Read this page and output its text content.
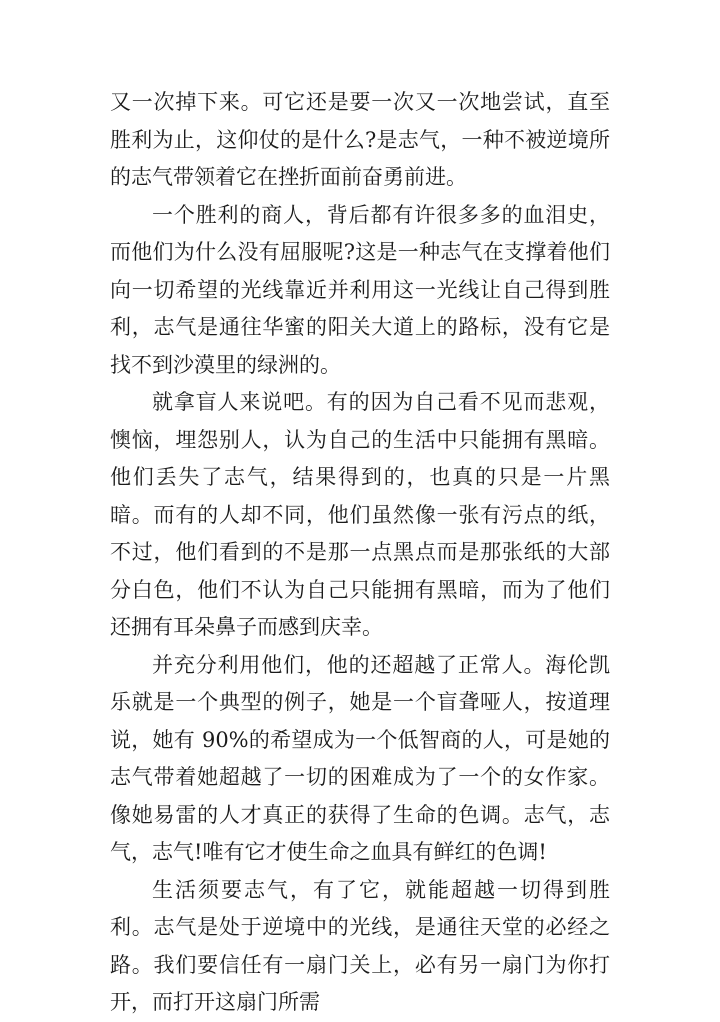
又一次掉下来。可它还是要一次又一次地尝试，直至胜利为止，这仰仗的是什么?是志气，一种不被逆境所的志气带领着它在挫折面前奋勇前进。

一个胜利的商人，背后都有许很多多的血泪史，而他们为什么没有屈服呢?这是一种志气在支撑着他们向一切希望的光线靠近并利用这一光线让自己得到胜利，志气是通往华蜜的阳关大道上的路标，没有它是找不到沙漠里的绿洲的。

就拿盲人来说吧。有的因为自己看不见而悲观，懊恼，埋怨别人，认为自己的生活中只能拥有黑暗。他们丢失了志气，结果得到的，也真的只是一片黑暗。而有的人却不同，他们虽然像一张有污点的纸，不过，他们看到的不是那一点黑点而是那张纸的大部分白色，他们不认为自己只能拥有黑暗，而为了他们还拥有耳朵鼻子而感到庆幸。

并充分利用他们，他的还超越了正常人。海伦凯乐就是一个典型的例子，她是一个盲聋哑人，按道理说，她有 90%的希望成为一个低智商的人，可是她的志气带着她超越了一切的困难成为了一个的女作家。像她易雷的人才真正的获得了生命的色调。志气，志气，志气!唯有它才使生命之血具有鲜红的色调!

生活须要志气，有了它，就能超越一切得到胜利。志气是处于逆境中的光线，是通往天堂的必经之路。我们要信任有一扇门关上，必有另一扇门为你打开，而打开这扇门所需
